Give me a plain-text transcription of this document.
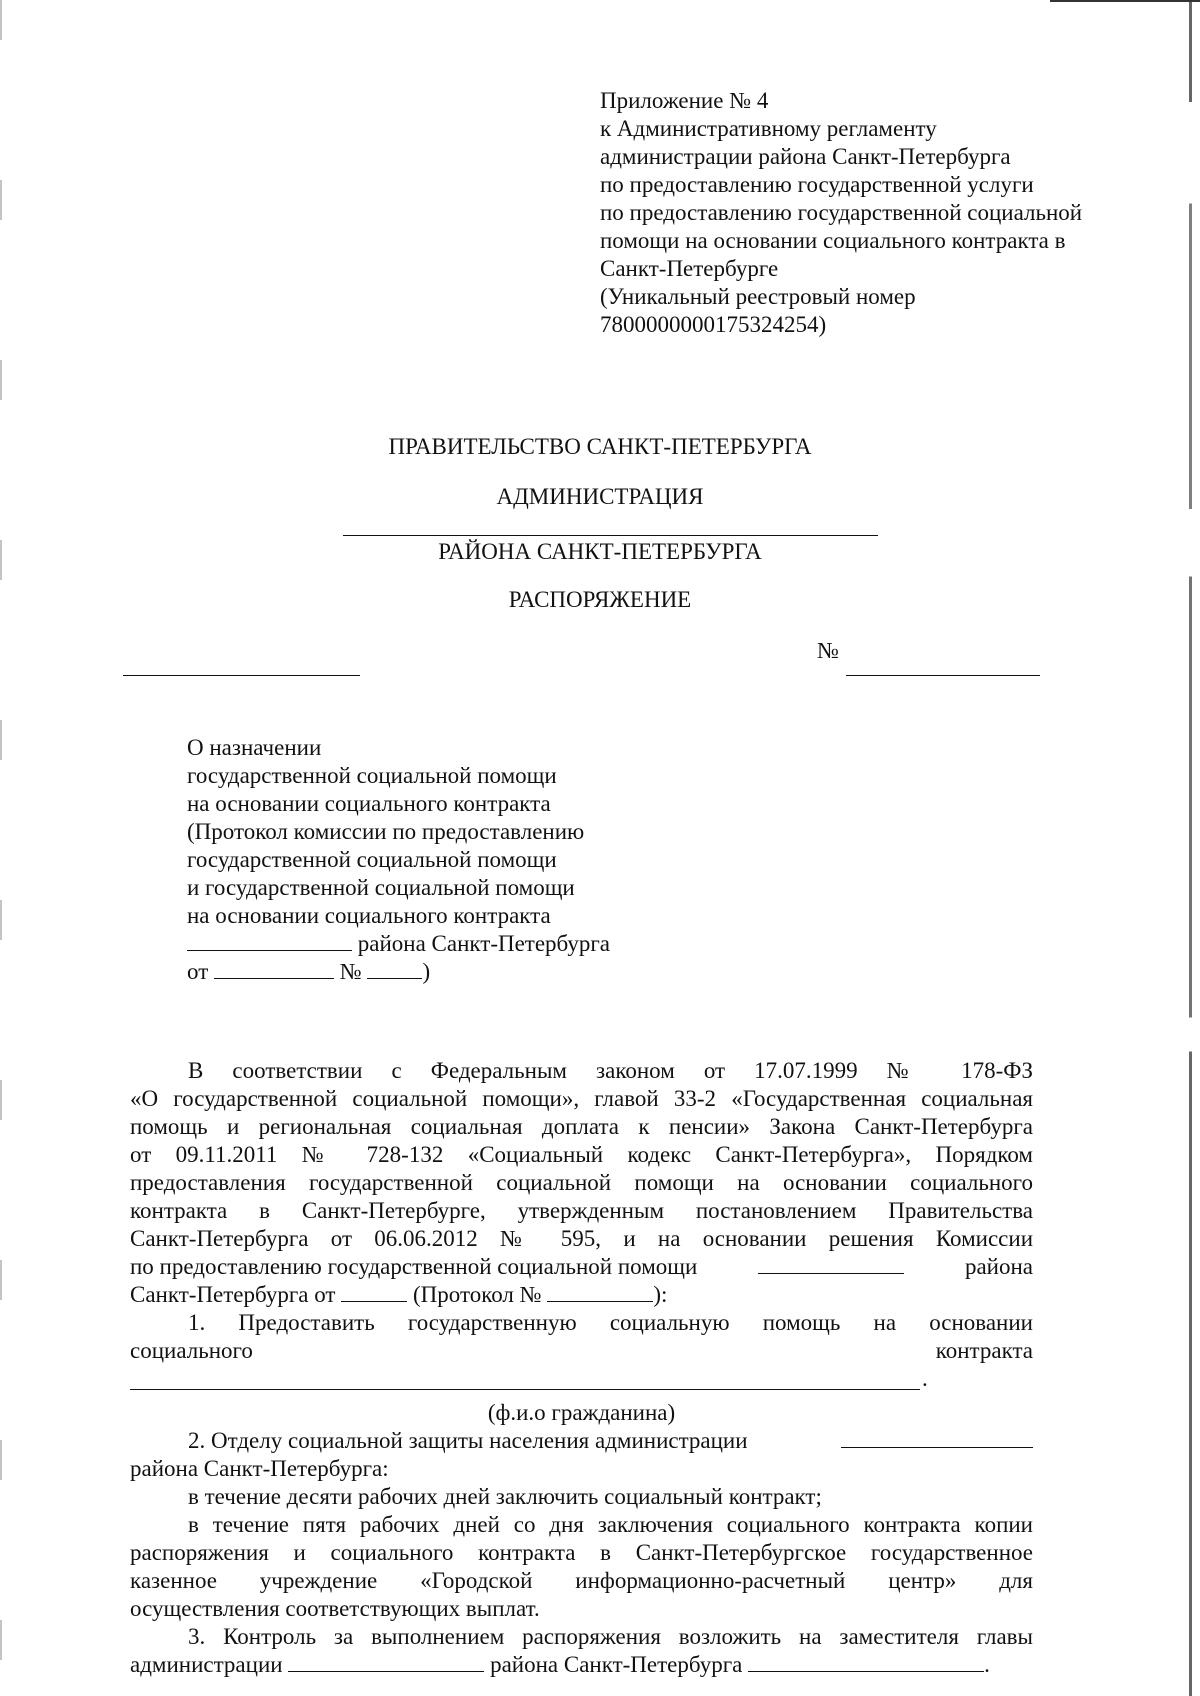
Приложение № 4
к Административному регламенту
администрации района Санкт-Петербурга
по предоставлению государственной услуги
по предоставлению государственной социальной
помощи на основании социального контракта в
Санкт-Петербурге
(Уникальный реестровый номер
7800000000175324254)
ПРАВИТЕЛЬСТВО САНКТ-ПЕТЕРБУРГА
АДМИНИСТРАЦИЯ
РАЙОНА САНКТ-ПЕТЕРБУРГА
РАСПОРЯЖЕНИЕ
№
О назначении
государственной социальной помощи
на основании социального контракта
(Протокол комиссии по предоставлению
государственной социальной помощи
и государственной социальной помощи
на основании социального контракта
района Санкт-Петербурга
от	№	)
В соответствии с Федеральным законом от 17.07.1999 № 178-ФЗ
«О государственной социальной помощи», главой 33-2 «Государственная социальная
помощь и региональная социальная доплата к пенсии» Закона Санкт-Петербурга
от 09.11.2011 № 728-132 «Социальный кодекс Санкт-Петербурга», Порядком
предоставления государственной социальной помощи на основании социального
контракта в Санкт-Петербурге, утвержденным постановлением Правительства
Санкт-Петербурга от 06.06.2012 № 595, и на основании решения Комиссии
по предоставлению государственной социальной помощи	района
Санкт-Петербурга от	(Протокол №	):
1. Предоставить государственную социальную помощь на основании
социального	контракта
.
(ф.и.о гражданина)
2. Отделу социальной защиты населения администрации
района Санкт-Петербурга:
в течение десяти рабочих дней заключить социальный контракт;
в течение пятя рабочих дней со дня заключения социального контракта копии
распоряжения и социального контракта в Санкт-Петербургское государственное
казенное учреждение «Городской информационно-расчетный центр» для
осуществления соответствующих выплат.
3. Контроль за выполнением распоряжения возложить на заместителя главы
администрации	района Санкт-Петербурга	.
